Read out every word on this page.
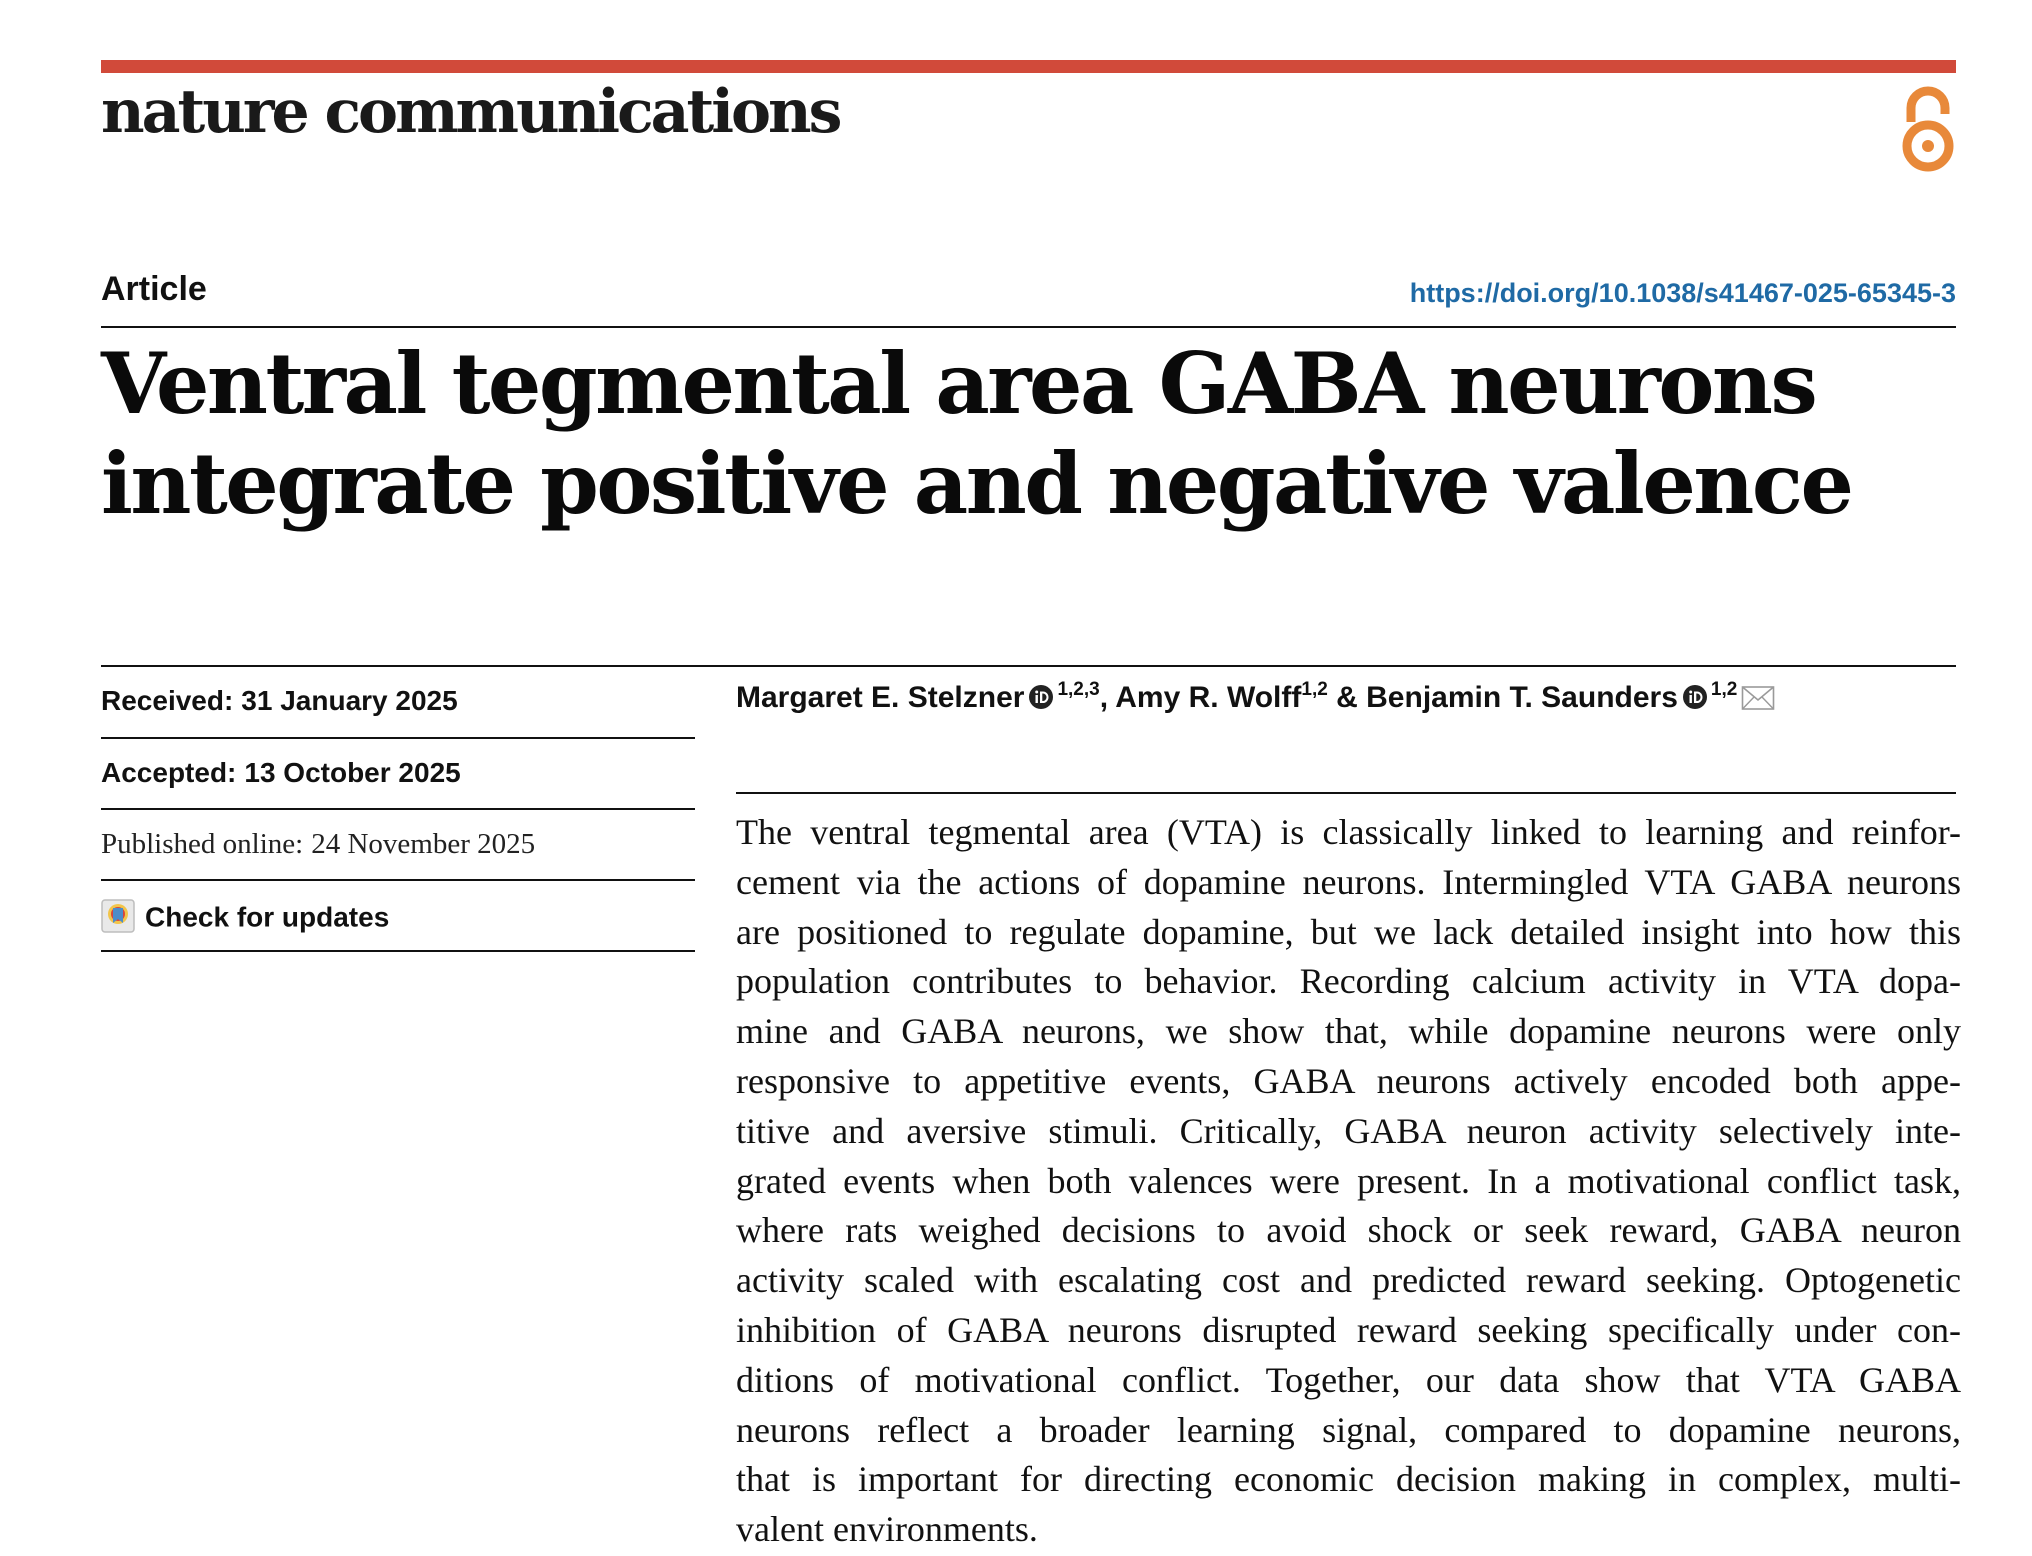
nature communications
Article	https://doi.org/10.1038/s41467-025-65345-3
Ventral tegmental area GABA neurons
integrate positive and negative valence
Received: 31 January 2025
Accepted: 13 October 2025
Published online: 24 November 2025
Check for updates
Margaret E. Stelzner $^{1,2,3}$, Amy R. Wolff$^{1,2}$ & Benjamin T. Saunders $^{1,2}$

The ventral tegmental area (VTA) is classically linked to learning and reinfor-
cement via the actions of dopamine neurons. Intermingled VTA GABA neurons
are positioned to regulate dopamine, but we lack detailed insight into how this
population contributes to behavior. Recording calcium activity in VTA dopa-
mine and GABA neurons, we show that, while dopamine neurons were only
responsive to appetitive events, GABA neurons actively encoded both appe-
titive and aversive stimuli. Critically, GABA neuron activity selectively inte-
grated events when both valences were present. In a motivational conflict task,
where rats weighed decisions to avoid shock or seek reward, GABA neuron
activity scaled with escalating cost and predicted reward seeking. Optogenetic
inhibition of GABA neurons disrupted reward seeking specifically under con-
ditions of motivational conflict. Together, our data show that VTA GABA
neurons reflect a broader learning signal, compared to dopamine neurons,
that is important for directing economic decision making in complex, multi-
valent environments.
